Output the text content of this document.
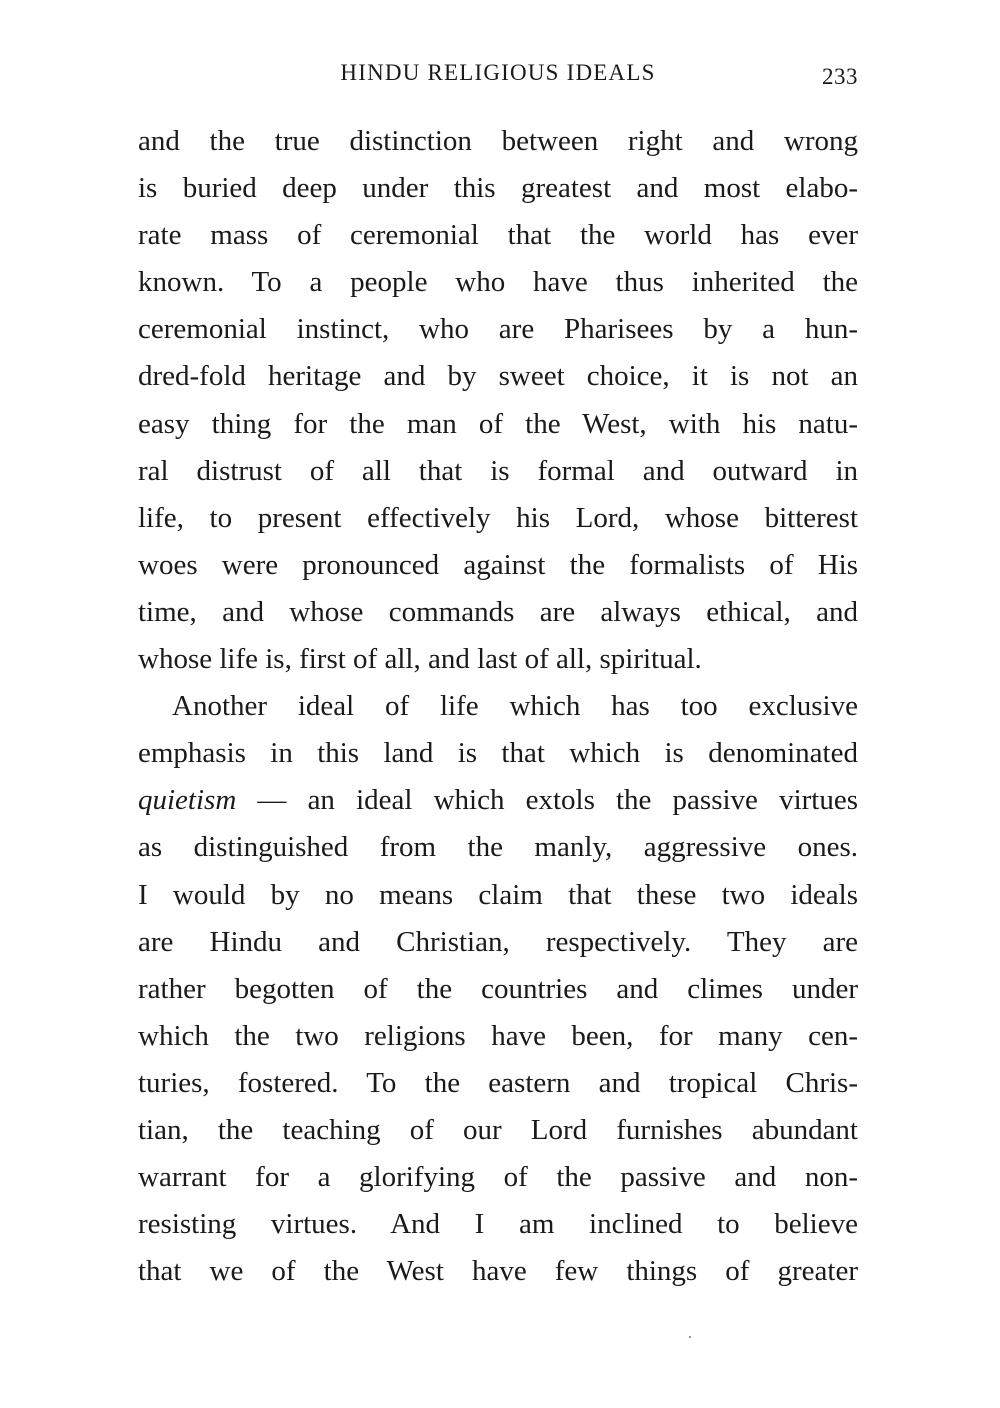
HINDU RELIGIOUS IDEALS	233
and the true distinction between right and wrong
is buried deep under this greatest and most elabo-
rate mass of ceremonial that the world has ever
known. To a people who have thus inherited the
ceremonial instinct, who are Pharisees by a hun-
dred-fold heritage and by sweet choice, it is not an
easy thing for the man of the West, with his natu-
ral distrust of all that is formal and outward in
life, to present effectively his Lord, whose bitterest
woes were pronounced against the formalists of His
time, and whose commands are always ethical, and
whose life is, first of all, and last of all, spiritual.
Another ideal of life which has too exclusive
emphasis in this land is that which is denominated
quietism — an ideal which extols the passive virtues
as distinguished from the manly, aggressive ones.
I would by no means claim that these two ideals
are Hindu and Christian, respectively. They are
rather begotten of the countries and climes under
which the two religions have been, for many cen-
turies, fostered. To the eastern and tropical Chris-
tian, the teaching of our Lord furnishes abundant
warrant for a glorifying of the passive and non-
resisting virtues. And I am inclined to believe
that we of the West have few things of greater
